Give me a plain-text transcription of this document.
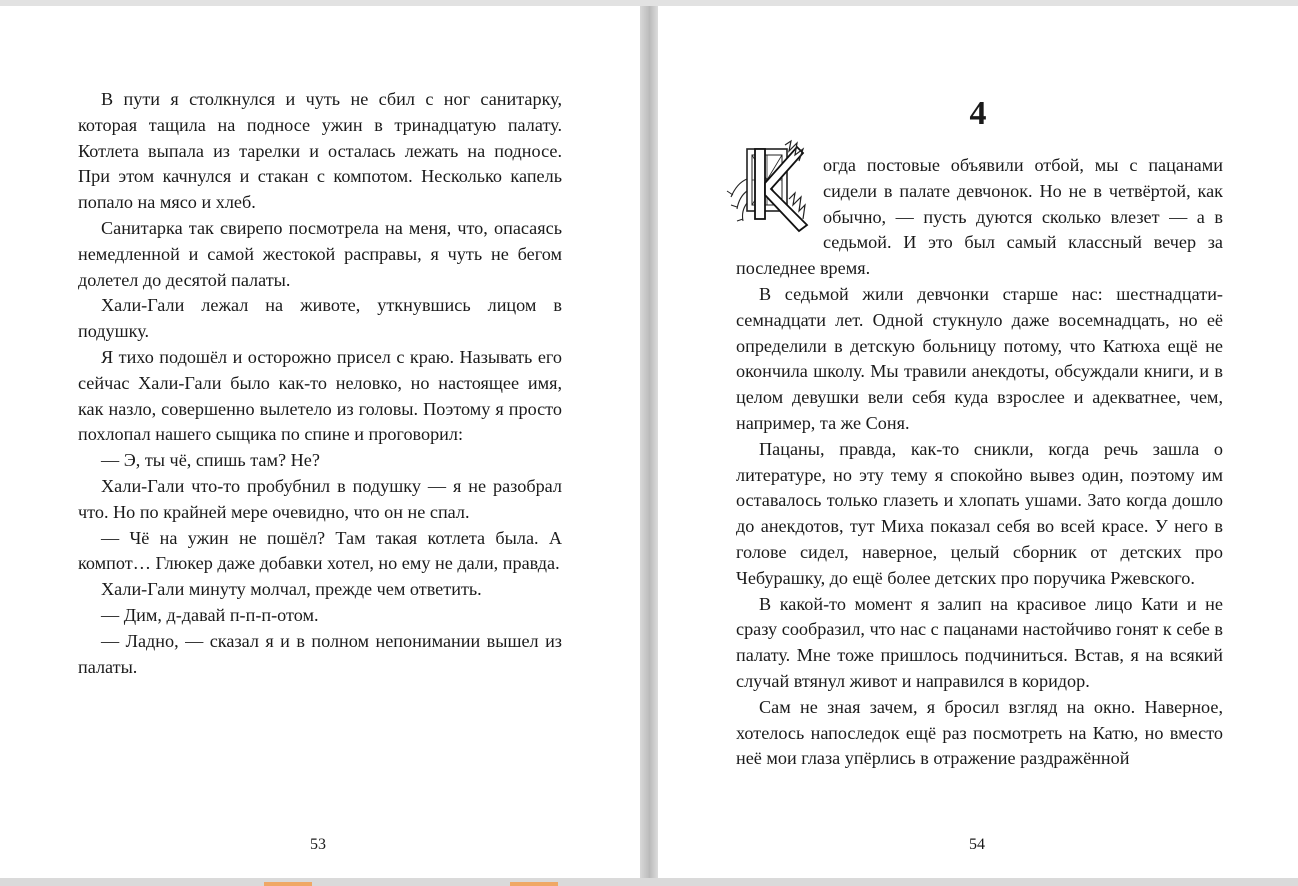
В пути я столкнулся и чуть не сбил с ног санитарку, которая тащила на подносе ужин в тринадцатую палату. Котлета выпала из тарелки и осталась лежать на подносе. При этом качнулся и стакан с компотом. Несколько капель попало на мясо и хлеб.

Санитарка так свирепо посмотрела на меня, что, опасаясь немедленной и самой жестокой расправы, я чуть не бегом долетел до десятой палаты.

Хали-Гали лежал на животе, уткнувшись лицом в подушку.

Я тихо подошёл и осторожно присел с краю. Называть его сейчас Хали-Гали было как-то неловко, но настоящее имя, как назло, совершенно вылетело из головы. Поэтому я просто похлопал нашего сыщика по спине и проговорил:

— Э, ты чё, спишь там? Не?

Хали-Гали что-то пробубнил в подушку — я не разобрал что. Но по крайней мере очевидно, что он не спал.

— Чё на ужин не пошёл? Там такая котлета была. А компот… Глюкер даже добавки хотел, но ему не дали, правда.

Хали-Гали минуту молчал, прежде чем ответить.

— Дим, д-давай п-п-п-отом.

— Ладно, — сказал я и в полном непонимании вышел из палаты.

53
4

огда постовые объявили отбой, мы с пацанами сидели в палате девчонок. Но не в четвёртой, как обычно, — пусть дуются сколько влезет — а в седьмой. И это был самый классный вечер за последнее время.

В седьмой жили девчонки старше нас: шестнадцати-семнадцати лет. Одной стукнуло даже восемнадцать, но её определили в детскую больницу потому, что Катюха ещё не окончила школу. Мы травили анекдоты, обсуждали книги, и в целом девушки вели себя куда взрослее и адекватнее, чем, например, та же Соня.

Пацаны, правда, как-то сникли, когда речь зашла о литературе, но эту тему я спокойно вывез один, поэтому им оставалось только глазеть и хлопать ушами. Зато когда дошло до анекдотов, тут Миха показал себя во всей красе. У него в голове сидел, наверное, целый сборник от детских про Чебурашку, до ещё более детских про поручика Ржевского.

В какой-то момент я залип на красивое лицо Кати и не сразу сообразил, что нас с пацанами настойчиво гонят к себе в палату. Мне тоже пришлось подчиниться. Встав, я на всякий случай втянул живот и направился в коридор.

Сам не зная зачем, я бросил взгляд на окно. Наверное, хотелось напоследок ещё раз посмотреть на Катю, но вместо неё мои глаза упёрлись в отражение раздражённой

54
